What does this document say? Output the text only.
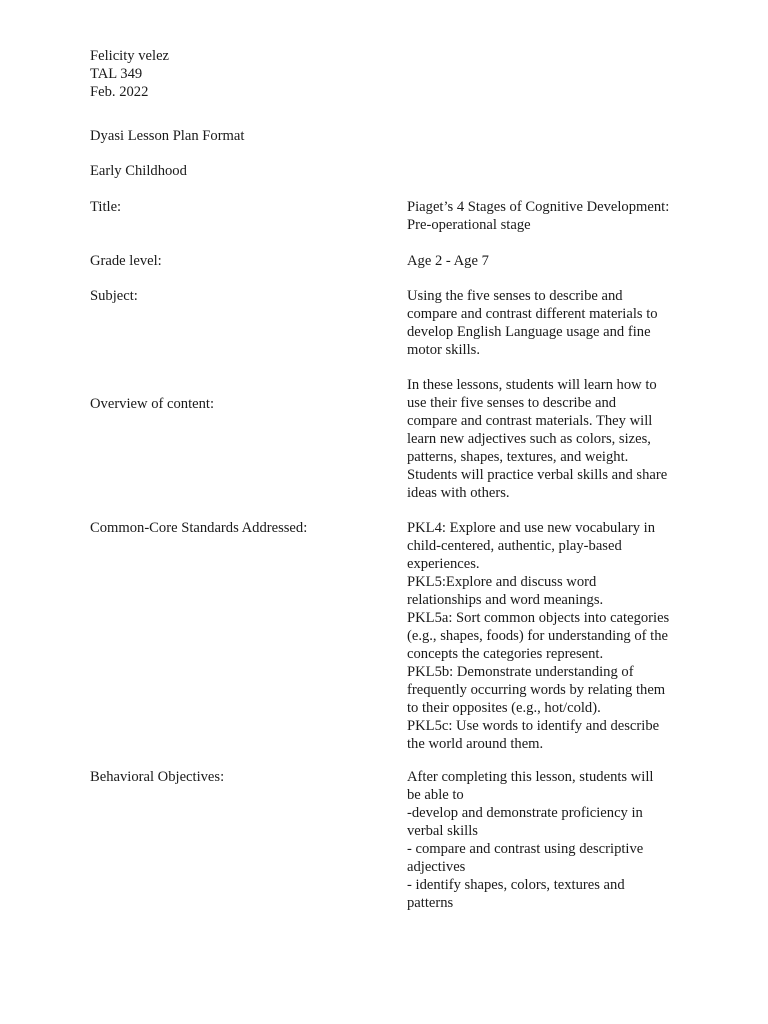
Felicity velez
TAL 349
Feb. 2022
Dyasi Lesson Plan Format
Early Childhood
Title:	Piaget’s 4 Stages of Cognitive Development:
Pre-operational stage
Grade level:	Age 2 - Age 7
Subject:	Using the five senses to describe and
compare and contrast different materials to
develop English Language usage and fine
motor skills.
Overview of content:
In these lessons, students will learn how to
use their five senses to describe and
compare and contrast materials. They will
learn new adjectives such as colors, sizes,
patterns, shapes, textures, and weight.
Students will practice verbal skills and share
ideas with others.
Common-Core Standards Addressed:	PKL4: Explore and use new vocabulary in
child-centered, authentic, play-based
experiences.
PKL5:Explore and discuss word
relationships and word meanings.
PKL5a: Sort common objects into categories
(e.g., shapes, foods) for understanding of the
concepts the categories represent.
PKL5b: Demonstrate understanding of
frequently occurring words by relating them
to their opposites (e.g., hot/cold).
PKL5c: Use words to identify and describe
the world around them.
Behavioral Objectives:	After completing this lesson, students will
be able to
-develop and demonstrate proficiency in
verbal skills
- compare and contrast using descriptive
adjectives
- identify shapes, colors, textures and
patterns
